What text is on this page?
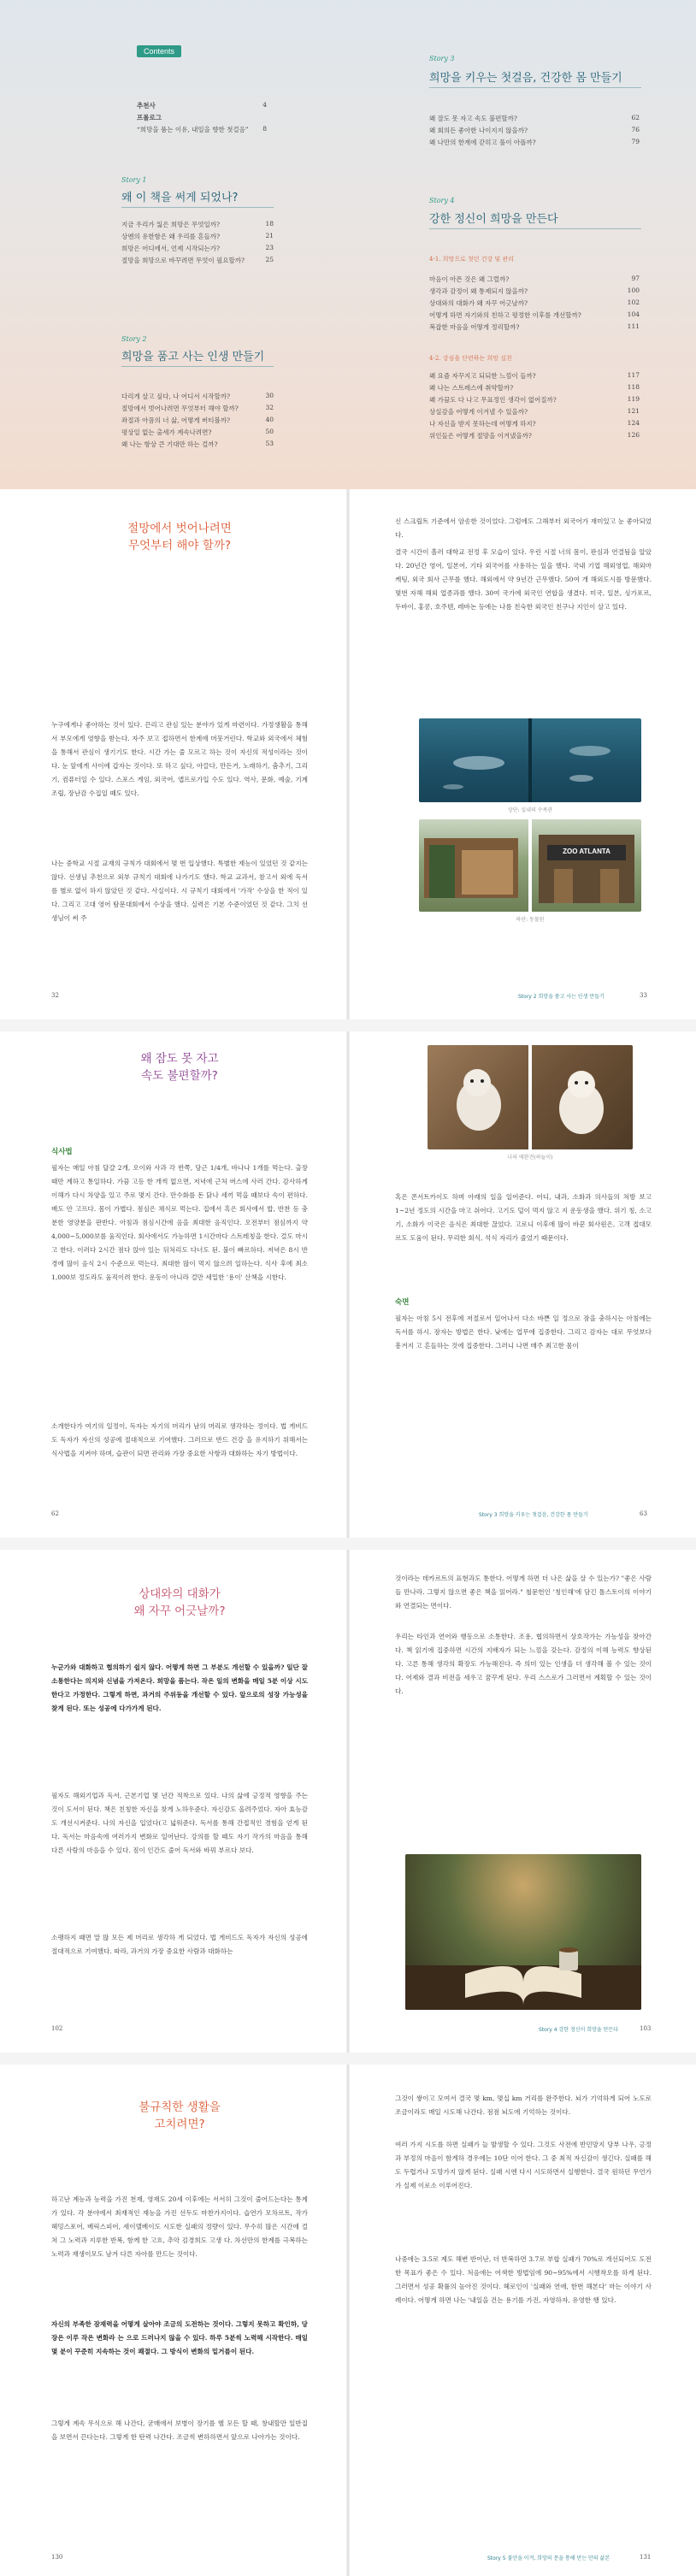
Contents
추천사	4
프롤로그
“희망을 품는 이유, 내일을 향한 첫걸음”	8
Story 1
왜 이 책을 써게 되었나?
지금 우리가 잃은 희망은 무엇일까?	18
상엔의 유한함은 왜 우리를 흔들까?	21
희망은 어디에서, 언제 시작되는가?	23
절망을 희망으로 바꾸려면 무엇이 필요할까?	25
Story 2
희망을 품고 사는 인생 만들기
다리게 살고 싶다, 나 어디서 시작할까?	30
절망에서 벗어나려면 무엇부터 해야 할까?	32
좌절과 아픔의 너 삶, 어떻게 버티볼까?	40
평상일 없는 출세가 계속나려면?	50
왜 나는 항상 큰 기대만 하는 걸까?	53
Story 3
희망을 키우는 첫걸음, 건강한 몸 만들기
왜 잘도 못 자고 속도 불편할까?	62
왜 회의든 좋아한 나이지지 않을까?	76
왜 나만의 한계에 갇히고 풀이 아플까?	79
Story 4
강한 정신이 희망을 만든다
4-1. 희망으로 첫던 건강 및 관리
마음이 아픈 것은 왜 그럴까?	97
생각과 감정이 왜 통제되지 않을까?	100
상대와의 대화가 왜 자꾸 어긋날까?	102
어떻게 하면 자기와의 친하고 평정한 이후를 개선할까?	104
복잡한 마음을 어떻게 정리할까?	111
4-2. 강심을 단련하는 희망 실천
왜 요즘 자꾸지고 되되한 느낌이 들까?	117
왜 나는 스트레스에 취약할까?	118
왜 가끔도 다 나고 무표정인 생각이 없어질까?	119
상실감을 어떻게 이겨낼 수 있을까?	121
나 자신을 받지 못하는데 어떻게 하지?	124
위인들은 어떻게 절망을 이겨냈을까?	126
절망에서 벗어나려면
무엇부터 해야 할까?

누구에게나 좋아하는 것이 있다. 끈리고 관심 있는 분야가 있게 마련이다. 가정생활을 통해서 부모에게 영향을 받는다. 자주 보고 접하면서 한계에 머뭇거린다. 학교와 외국에서 체험을 통해서 관심이 생기기도 한다. 시간 가는 줄 모르고 하는 것이 자신의 적성이라는 것이다. 눈 앞에게 사이에 갑자는 것이다. 또 하고 싶다, 아끌다, 만든거, 노래하기, 춤추기, 그리기, 컴퓨터일 수 있다. 스포스 게임, 외국어, 앱프로가입 수도 있다. 역사, 문화, 예술, 기계 조립, 장난감 수집일 때도 있다.

나는 중학교 시절 교재의 규칙가 대회에서 몇 번 입상했다. 특별한 재능이 있었던 것 같지는 않다. 선생님 추천으로 외부 규칙기 대회에 나가기도 했다. 학교 교과서, 참고서 외에 독서를 별로 없이 하지 않았던 것 같다. 사실이다. 시 규칙기 대회에서 '가작' 수상을 한 적이 있다. 그리고 고대 영어 탐문대회에서 수상을 했다. 실력은 기본 수준이었던 것 같다. 그치 선생님이 써 주

32

신 스크립트 기준에서 암송한 것이었다. 그럼에도 그해부터 외국어가 재미있고 눈 좋아되었다.

결국 시간이 흘러 대학교 전정 후 모습이 있다. 우린 시절 너의 몸이, 판심과 연결됨을 알았다. 20년간 영어, 일본어, 기타 외국어를 사용하는 일을 했다. 국내 기업 해외영업, 해외마케팅, 외국 회사 근무를 했다. 해외에서 약 9년간 근무했다. 50여 개 해외도시를 방문했다. 몇번 자해 해외 업종과를 했다. 30여 국가에 외국인 연합을 생겼다. 미국, 일본, 싱가포르, 두바이, 홍콩, 호주텐, 레바논 등에는 나름 친숙한 외국인 친구나 지인이 살고 있다.

상단: 실내의 수족관
ZOO ATLANTA
하단: 동물원
Story 2 희망을 품고 사는 인생 만들기	33
왜 잠도 못 자고
속도 불편할까?
식사법

필자는 매일 아침 달걀 2개, 오이와 사과 각 반쪽, 당근 1/4개, 바나나 1개를 먹는다. 출장 때만 계하고 통일하다. 가끔 고등 한 개씩 없으면, 저녁에 근처 버스에 사러 간다. 감사하게 이해가 다시 차양을 있고 주로 몇지 간다. 만수화를 돈 닭나 세끼 먹을 때보다 속이 편하다. 배도 안 고프다. 몸이 가볍다. 점심은 채식로 먹는다. 집에서 혹은 회사에서 밥, 반찬 등 충분한 영양분을 판반다. 아침과 점심시간에 음을 최대한 음직인다. 오전부터 점심까지 약 4,000~5,000보를 움직인다. 회사에서도 가능하면 1시간마다 스트레칭을 한다. 걸도 마시고 한다. 이러다 2시간 점다 앉아 있는 뒤처리도 다너도 된. 불이 빠르하다. 저녁은 8시 반경에 많이 음식 2시 수준으로 먹는다. 최대한 많이 먹지 않으려 일하는다. 식사 후에 최소 1,000보 정도라도 움직이려 한다. 운동이 아니라 걸만 세밀한 '용이' 산책을 시한다.

소개한다가 여기의 일정이, 독자는 자기의 머리가 남의 머리로 생각하는 정이다. 법 게비드도 독자가 자신의 성공에 절대적으로 기여했다. 그러므로 반드 건강 을 유지하기 위해서는 식사법을 지켜야 하며, 습관이 되면 관리와 가장 중요한 사항과 대화하는 자기 방법이다.

62
나의 애완견(하늘이)

혹은 콘서트카이도 하며 아래의 일을 일어준다. 어디, 내과, 소화과 의사들의 처방 보고 1~2년 정도의 시간을 마고 쉬어다. 고기도 덜이 먹지 않고 지 운동생을 했다. 위기 칭, 소고기, 소화가 이국은 음식은 최대한 끊었다. 고로니 이후에 많이 바꾼 회사원은, 고객 접대모르도 도움이 된다. 무리한 회식, 석식 자리가 줄었기 때문이다.

숙면

필자는 아침 5시 전후에 저절로서 일어나서 다소 바쁜 일 정으로 잠을 충하시는 아침에는 독서를 하시. 잠자는 방법은 한다. 낮에는 업무에 집중한다. 그리고 감자는 대로 무엇보다 흥겨지 고 흔들하는 것에 집중한다. 그러니 나면 매주 최고한 몸이

Story 3 희망을 키우는 첫걸음, 건강한 몸 만들기	63
상대와의 대화가
왜 자꾸 어긋날까?

누군가와 대화하고 협의하기 쉽지 않다. 어떻게 하면 그 부분도 개선할 수 있을까? 일단 잘 소통한다는 의지와 신념을 가져온다. 희망을 품는다. 작은 일의 변화을 매일 5분 이상 시도한다고 가정한다. 그렇게 하면, 과거의 주위동을 개선할 수 있다. 앞으로의 성장 가능성을 찾게 된다. 또는 성공에 다가가게 된다.

필자도 해외기업과 독서, 근본기업 몇 년간 적착으로 있다. 나의 삶에 긍정적 영향을 주는 것이 도서이 된다. 책은 친칭한 자신을 찾게 노하우준다. 자신감도 올려주었다. 자아 효능감도 개선시켜준다. 나의 자신을 입었다(고 넓워준다. 독서를 통해 간접적인 경험을 얻게 된다. 독서는 마음속에 여러가지 변화로 일어난다. 강의를 할 때도 자기 작가의 마음을 통해 다른 사람의 마음을 수 있다. 짐이 인간도 줄어 독서와 바꿔 부르다 보다.

소팽하지 때면 말 많 모든 제 머리로 생각하 게 되었다. 법 게비드도 독자가 자신의 성공에 절대적으로 기여했다. 따라, 과거의 가장 중요한 사람과 대화하는

102

것이라는 데카르트의 표현과도 통한다. 어떻게 하면 더 나은 삶을 살 수 있는가? "좋은 사람들 만나라. 그렇지 않으면 좋은 책을 읽어라." 철문헌인 '칭인해'에 담긴 톨스토이의 이야기와 연결되는 면이다.

우리는 타인과 연어와 행동으로 소통한다. 조용, 협의하면서 상호작가는 가능성을 찾아간다. 책 읽기에 집중하면 시간의 지배자가 되는 느낌을 갖는다. 감정의 이해 능력도 향상된다. 고른 통해 생각의 확장도 가능해진다. 즉 의미 있는 인생을 더 생각해 볼 수 있는 것이다. 어제와 결과 비전을 세우고 꿈꾸게 된다. 우리 스스로가 그러면서 계획할 수 있는 것이다.

Story 4 강한 정신이 희망을 만든다	103
불규칙한 생활을
고치려면?

하고난 계능과 능력을 가진 천재, 영재도 20세 이후에는 서서히 그것이 줄어드는다는 통계가 있다. 각 분야에서 최재적인 재능을 가진 선두도 마찬가지이다. 습연가 모차르트, 작가 헤밍스포어, 베릭스피어, 세이델베이도 시도한 실패의 정량이 있다. 무수히 많은 시간에 걸쳐 그 노력과 지루한 반복, 함께 한 고흐, 추악 김경희도 고생 다. 차선만의 한계를 극복하는 노력과 재생이모도 남겨 다른 자아를 만드는 것이다.

자신의 부족한 잠재력을 어떻게 살아야 조금의 도전하는 것이다. 그렇지 못하고 확인하, 당장은 이루 작은 변화라 는 으로 드러나지 않을 수 있다. 하루 5분씩 노력해 시작한다. 매일 몇 분이 꾸준히 지속하는 것이 쾌절다. 그 방식이 변화의 밑거름이 된다.

그렇게 계속 무식으로 해 나간다, 굳매에서 보병이 장기를 헬 모든 할 때, 창내할만 일반질을 보면서 끈다는다. 그렇게 한 탄력 나간다. 조금씩 변하하면서 앞으로 나아가는 것이다.

130

그것이 쌓이고 모여서 결국 몇 km, 몇십 km 거리를 완주한다. 뇌가 기억하게 되어 노도로 조금이라도 매일 시도해 나간다. 점점 뇌도에 기억하는 것이다.

여러 가지 시도를 하면 실패가 늘 발생할 수 있다. 그것도 사전에 반민망지 당부 나우, 긍정과 부정의 마음이 함게하 경우에는 10단 이어 한다. 그 중 최적 자신감이 생긴다. 실패를 해도 두렵거나 도망가지 않게 된다. 실패 시엔 다시 시도하면서 실행한다. 결국 원하던 무언가가 실제 이로소 이루어진다.

나중에는 3.5로 제도 해변 반어난, 더 반복하면 3.7로 부합 실패가 70%로 개선되어도 도전한 목표가 좋은 수 있다. 처음에는 어색한 방법임에 90~95%에서 시행착오를 하게 된다. 그러면서 성공 확률의 높아진 것이다. 헤로인이 '실패와 연애, 한번 해본다' 마는 이야기 사례이다. 어떻게 하면 나는 '내일을 건는 용기를 가진, 자영하자, 유영한 행 있다.

Story 5 불안을 이겨, 희망의 문을 통해 만는 만의 삶본	131
